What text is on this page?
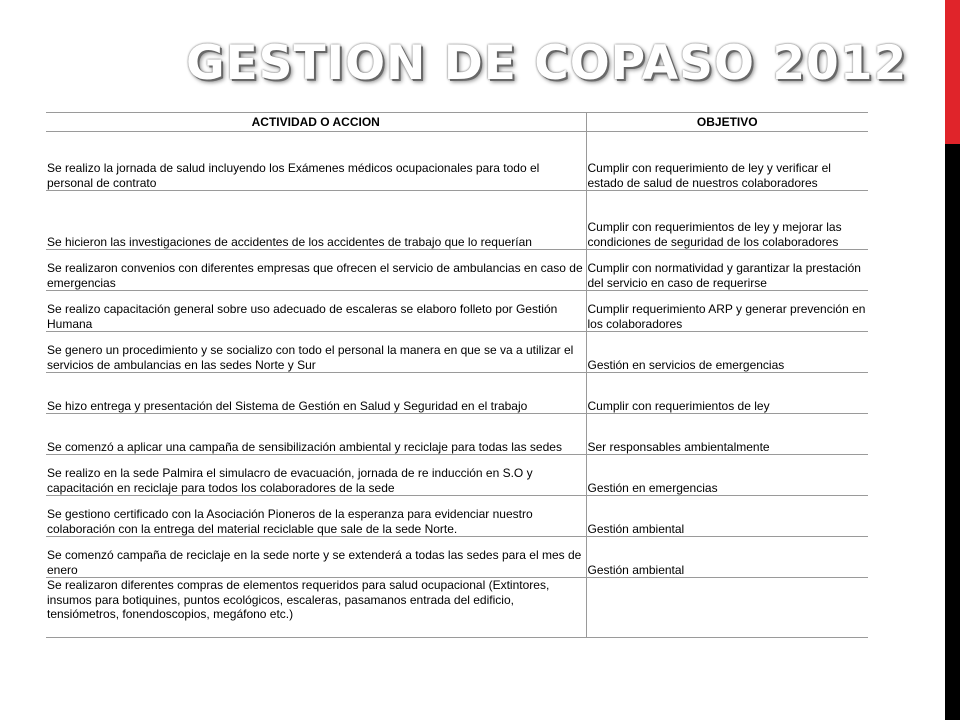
GESTION DE COPASO 2012
ACTIVIDAD O ACCION	OBJETIVO
Se realizo la jornada de salud incluyendo los Exámenes médicos ocupacionales para todo el personal de contrato	Cumplir con requerimiento de ley y verificar el estado de salud de nuestros colaboradores
Se hicieron las investigaciones de accidentes de los accidentes de trabajo que lo requerían	Cumplir con requerimientos de ley y mejorar las condiciones de seguridad de los colaboradores
Se realizaron convenios con diferentes empresas que ofrecen el servicio de ambulancias en caso de emergencias	Cumplir con normatividad y garantizar la prestación del servicio en caso de requerirse
Se realizo capacitación general sobre uso adecuado de escaleras se elaboro folleto por Gestión Humana	Cumplir requerimiento ARP y generar prevención en los colaboradores
Se genero un procedimiento y se socializo con todo el personal la manera en que se va a utilizar el servicios de ambulancias en las sedes Norte y Sur	Gestión en servicios de emergencias
Se hizo entrega y presentación del Sistema de Gestión en Salud y Seguridad en el trabajo	Cumplir con requerimientos de ley
Se comenzó a aplicar una campaña de sensibilización ambiental y reciclaje para todas las sedes	Ser responsables ambientalmente
Se realizo en la sede Palmira el simulacro de evacuación, jornada de re inducción en S.O y capacitación en reciclaje para todos los colaboradores de la sede	Gestión en emergencias
Se gestiono certificado con la Asociación Pioneros de la esperanza para evidenciar nuestro colaboración con la entrega del material reciclable que sale de la sede Norte.	Gestión ambiental
Se comenzó campaña de reciclaje en la sede norte y se extenderá a todas las sedes para el mes de enero	Gestión ambiental
Se realizaron diferentes compras de elementos requeridos para salud ocupacional (Extintores, insumos para botiquines, puntos ecológicos, escaleras, pasamanos entrada del edificio, tensiómetros, fonendoscopios, megáfono etc.)	
